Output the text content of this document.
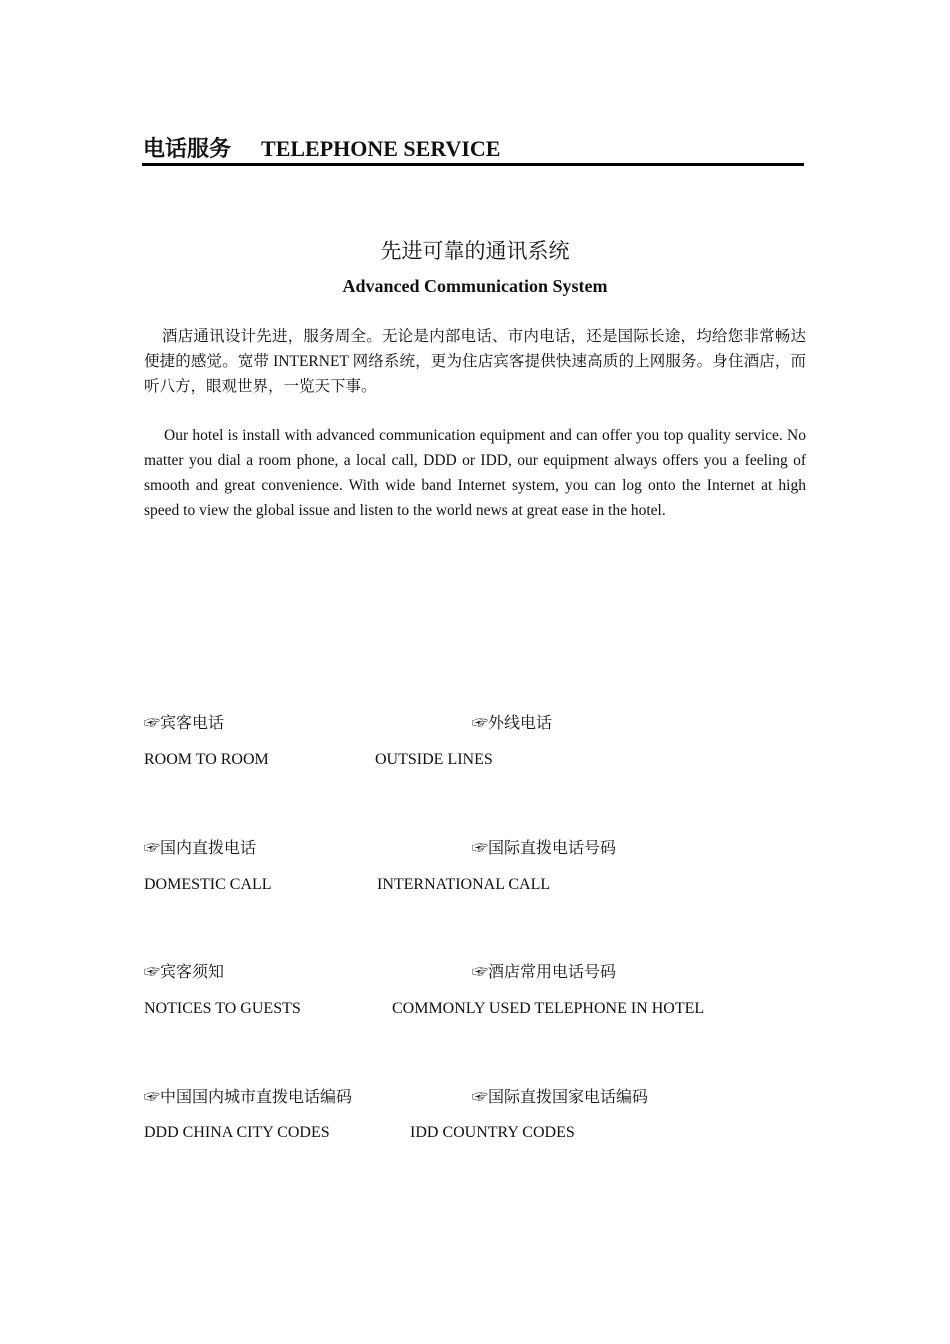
电话服务 TELEPHONE SERVICE
先进可靠的通讯系统
Advanced Communication System

酒店通讯设计先进，服务周全。无论是内部电话、市内电话，还是国际长途，均给您非常畅达便捷的感觉。宽带 INTERNET 网络系统，更为住店宾客提供快速高质的上网服务。身住酒店，而听八方，眼观世界，一览天下事。

Our hotel is install with advanced communication equipment and can offer you top quality service. No matter you dial a room phone, a local call, DDD or IDD, our equipment always offers you a feeling of smooth and great convenience. With wide band Internet system, you can log onto the Internet at high speed to view the global issue and listen to the world news at great ease in the hotel.

☞宾客电话
ROOM TO ROOM
☞外线电话
OUTSIDE LINES
☞国内直拨电话
DOMESTIC CALL
☞国际直拨电话号码
INTERNATIONAL CALL
☞宾客须知
NOTICES TO GUESTS
☞酒店常用电话号码
COMMONLY USED TELEPHONE IN HOTEL
☞中国国内城市直拨电话编码
DDD CHINA CITY CODES
☞国际直拨国家电话编码
IDD COUNTRY CODES
